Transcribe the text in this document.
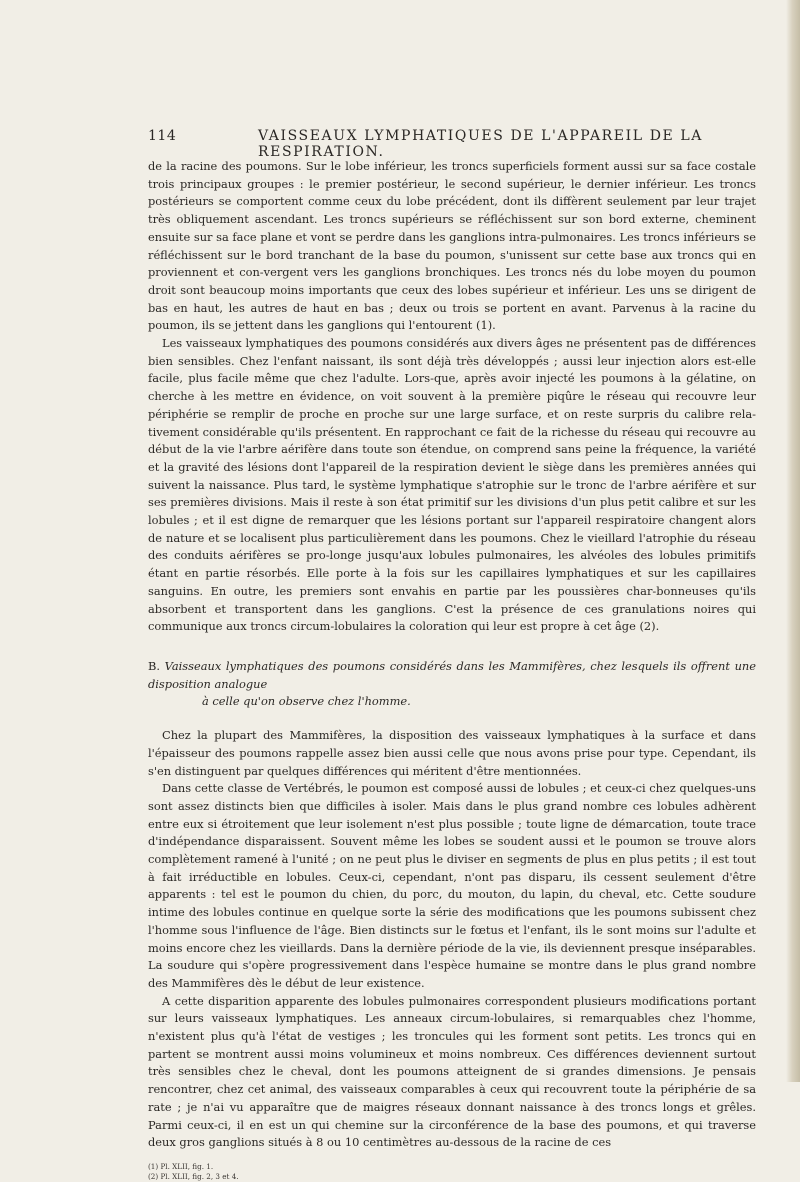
114	VAISSEAUX LYMPHATIQUES DE L'APPAREIL DE LA RESPIRATION.

de la racine des poumons. Sur le lobe inférieur, les troncs superficiels forment aussi sur sa face costale trois principaux groupes : le premier postérieur, le second supérieur, le dernier inférieur. Les troncs postérieurs se comportent comme ceux du lobe précédent, dont ils diffèrent seulement par leur trajet très obliquement ascendant. Les troncs supérieurs se réfléchissent sur son bord externe, cheminent ensuite sur sa face plane et vont se perdre dans les ganglions intra-pulmonaires. Les troncs inférieurs se réfléchissent sur le bord tranchant de la base du poumon, s'unissent sur cette base aux troncs qui en proviennent et con-vergent vers les ganglions bronchiques. Les troncs nés du lobe moyen du poumon droit sont beaucoup moins importants que ceux des lobes supérieur et inférieur. Les uns se dirigent de bas en haut, les autres de haut en bas ; deux ou trois se portent en avant. Parvenus à la racine du poumon, ils se jettent dans les ganglions qui l'entourent (1).

Les vaisseaux lymphatiques des poumons considérés aux divers âges ne présentent pas de différences bien sensibles. Chez l'enfant naissant, ils sont déjà très développés ; aussi leur injection alors est-elle facile, plus facile même que chez l'adulte. Lors-que, après avoir injecté les poumons à la gélatine, on cherche à les mettre en évidence, on voit souvent à la première piqûre le réseau qui recouvre leur périphérie se remplir de proche en proche sur une large surface, et on reste surpris du calibre rela-tivement considérable qu'ils présentent. En rapprochant ce fait de la richesse du réseau qui recouvre au début de la vie l'arbre aérifère dans toute son étendue, on comprend sans peine la fréquence, la variété et la gravité des lésions dont l'appareil de la respiration devient le siège dans les premières années qui suivent la naissance. Plus tard, le système lymphatique s'atrophie sur le tronc de l'arbre aérifère et sur ses premières divisions. Mais il reste à son état primitif sur les divisions d'un plus petit calibre et sur les lobules ; et il est digne de remarquer que les lésions portant sur l'appareil respiratoire changent alors de nature et se localisent plus particulièrement dans les poumons. Chez le vieillard l'atrophie du réseau des conduits aérifères se pro-longe jusqu'aux lobules pulmonaires, les alvéoles des lobules primitifs étant en partie résorbés. Elle porte à la fois sur les capillaires lymphatiques et sur les capillaires sanguins. En outre, les premiers sont envahis en partie par les poussières char-bonneuses qu'ils absorbent et transportent dans les ganglions. C'est la présence de ces granulations noires qui communique aux troncs circum-lobulaires la coloration qui leur est propre à cet âge (2).

B. Vaisseaux lymphatiques des poumons considérés dans les Mammifères, chez lesquels ils offrent une disposition analogue
à celle qu'on observe chez l'homme.

Chez la plupart des Mammifères, la disposition des vaisseaux lymphatiques à la surface et dans l'épaisseur des poumons rappelle assez bien aussi celle que nous avons prise pour type. Cependant, ils s'en distinguent par quelques différences qui méritent d'être mentionnées.

Dans cette classe de Vertébrés, le poumon est composé aussi de lobules ; et ceux-ci chez quelques-uns sont assez distincts bien que difficiles à isoler. Mais dans le plus grand nombre ces lobules adhèrent entre eux si étroitement que leur isolement n'est plus possible ; toute ligne de démarcation, toute trace d'indépendance disparaissent. Souvent même les lobes se soudent aussi et le poumon se trouve alors complètement ramené à l'unité ; on ne peut plus le diviser en segments de plus en plus petits ; il est tout à fait irréductible en lobules. Ceux-ci, cependant, n'ont pas disparu, ils cessent seulement d'être apparents : tel est le poumon du chien, du porc, du mouton, du lapin, du cheval, etc. Cette soudure intime des lobules continue en quelque sorte la série des modifications que les poumons subissent chez l'homme sous l'influence de l'âge. Bien distincts sur le fœtus et l'enfant, ils le sont moins sur l'adulte et moins encore chez les vieillards. Dans la dernière période de la vie, ils deviennent presque inséparables. La soudure qui s'opère progressivement dans l'espèce humaine se montre dans le plus grand nombre des Mammifères dès le début de leur existence.

A cette disparition apparente des lobules pulmonaires correspondent plusieurs modifications portant sur leurs vaisseaux lymphatiques. Les anneaux circum-lobulaires, si remarquables chez l'homme, n'existent plus qu'à l'état de vestiges ; les troncules qui les forment sont petits. Les troncs qui en partent se montrent aussi moins volumineux et moins nombreux. Ces différences deviennent surtout très sensibles chez le cheval, dont les poumons atteignent de si grandes dimensions. Je pensais rencontrer, chez cet animal, des vaisseaux comparables à ceux qui recouvrent toute la périphérie de sa rate ; je n'ai vu apparaître que de maigres réseaux donnant naissance à des troncs longs et grêles. Parmi ceux-ci, il en est un qui chemine sur la circonférence de la base des poumons, et qui traverse deux gros ganglions situés à 8 ou 10 centimètres au-dessous de la racine de ces

(1) Pl. XLII, fig. 1.
(2) Pl. XLII, fig. 2, 3 et 4.
